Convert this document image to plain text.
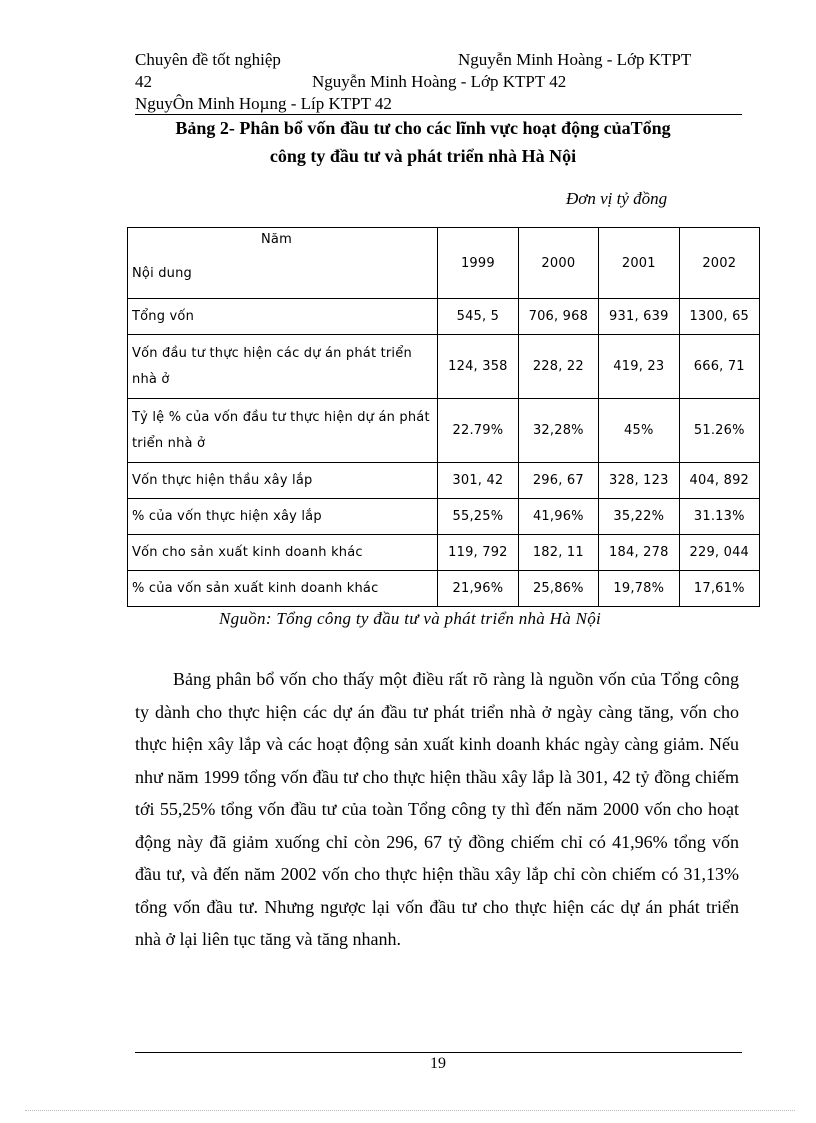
Chuyên đề tốt nghiệp	Nguyễn Minh Hoàng - Lớp KTPT
42	Nguyễn Minh Hoàng - Lớp KTPT 42
NguyÔn Minh Hoµng - Líp KTPT 42
Bảng 2- Phân bổ vốn đầu tư cho các lĩnh vực hoạt động củaTổng
công ty đầu tư và phát triển nhà Hà Nội
Đơn vị tỷ đồng
Năm
Nội dung	1999	2000	2001	2002
Tổng vốn	545, 5	706, 968	931, 639	1300, 65
Vốn đầu tư thực hiện các dự án phát triển nhà ở	124, 358	228, 22	419, 23	666, 71
Tỷ lệ % của vốn đầu tư thực hiện dự án phát triển nhà ở	22.79%	32,28%	45%	51.26%
Vốn thực hiện thầu xây lắp	301, 42	296, 67	328, 123	404, 892
% của vốn thực hiện xây lắp	55,25%	41,96%	35,22%	31.13%
Vốn cho sản xuất kinh doanh khác	119, 792	182, 11	184, 278	229, 044
% của vốn sản xuất kinh doanh khác	21,96%	25,86%	19,78%	17,61%
Nguồn: Tổng công ty đầu tư và phát triển nhà Hà Nội

Bảng phân bổ vốn cho thấy một điều rất rõ ràng là nguồn vốn của Tổng công ty dành cho thực hiện các dự án đầu tư phát triển nhà ở ngày càng tăng, vốn cho thực hiện xây lắp và các hoạt động sản xuất kinh doanh khác ngày càng giảm. Nếu như năm 1999 tổng vốn đầu tư cho thực hiện thầu xây lắp là 301, 42 tỷ đồng chiếm tới 55,25% tổng vốn đầu tư của toàn Tổng công ty thì đến năm 2000 vốn cho hoạt động này đã giảm xuống chỉ còn 296, 67 tỷ đồng chiếm chỉ có 41,96% tổng vốn đầu tư, và đến năm 2002 vốn cho thực hiện thầu xây lắp chỉ còn chiếm có 31,13% tổng vốn đầu tư. Nhưng ngược lại vốn đầu tư cho thực hiện các dự án phát triển nhà ở lại liên tục tăng và tăng nhanh.

19
